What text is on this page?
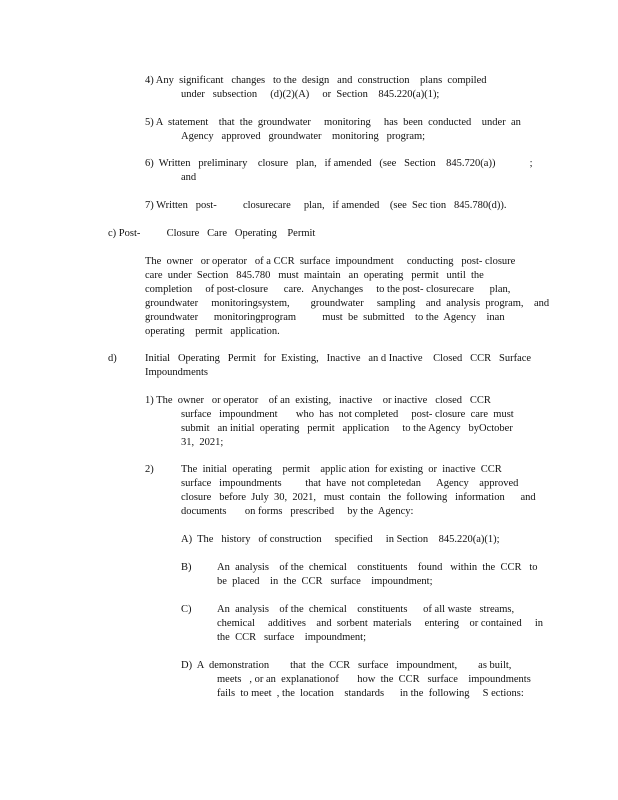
4) Any  significant   changes   to the  design   and  construction    plans  compiled
under   subsection     (d)(2)(A)     or  Section    845.220(a)(1);
5) A  statement    that  the  groundwater     monitoring     has  been  conducted    under  an
Agency   approved   groundwater    monitoring   program;
6)  Written   preliminary    closure   plan,   if amended   (see   Section    845.720(a))             ;
and
7) Written   post-          closurecare     plan,   if amended    (see  Sec tion   845.780(d)).
c) Post-          Closure   Care   Operating    Permit
The  owner   or operator   of a CCR  surface  impoundment     conducting   post- closure
care  under  Section   845.780   must  maintain   an  operating   permit   until  the
completion     of post-closure      care.   Anychanges     to the post- closurecare      plan,
groundwater     monitoringsystem,        groundwater     sampling    and  analysis  program,    and
groundwater      monitoringprogram          must  be  submitted    to the  Agency    inan
operating    permit   application.
d)	Initial   Operating   Permit   for  Existing,   Inactive   an d Inactive    Closed   CCR   Surface
Impoundments
1) The  owner   or operator    of an  existing,   inactive    or inactive   closed   CCR
surface   impoundment       who  has  not completed     post- closure  care  must
submit   an initial  operating   permit   application     to the Agency   byOctober
31,  2021;
2)	The  initial  operating    permit    applic ation  for existing  or  inactive  CCR
surface   impoundments         that  have  not completedan      Agency    approved
closure   before  July  30,  2021,   must  contain   the  following   information      and
documents       on forms   prescribed     by the  Agency:
A)  The   history   of construction     specified     in Section    845.220(a)(1);
B) An  analysis    of the  chemical    constituents    found   within  the  CCR   to
be  placed    in  the  CCR   surface    impoundment;
C) An  analysis    of the  chemical    constituents      of all waste   streams,
chemical     additives    and  sorbent  materials     entering    or contained     in
the  CCR   surface    impoundment;
D)  A  demonstration        that  the  CCR   surface   impoundment,        as built,
meets   , or an  explanationof       how  the  CCR   surface    impoundments
fails  to meet  , the  location    standards      in the  following     S ections:
